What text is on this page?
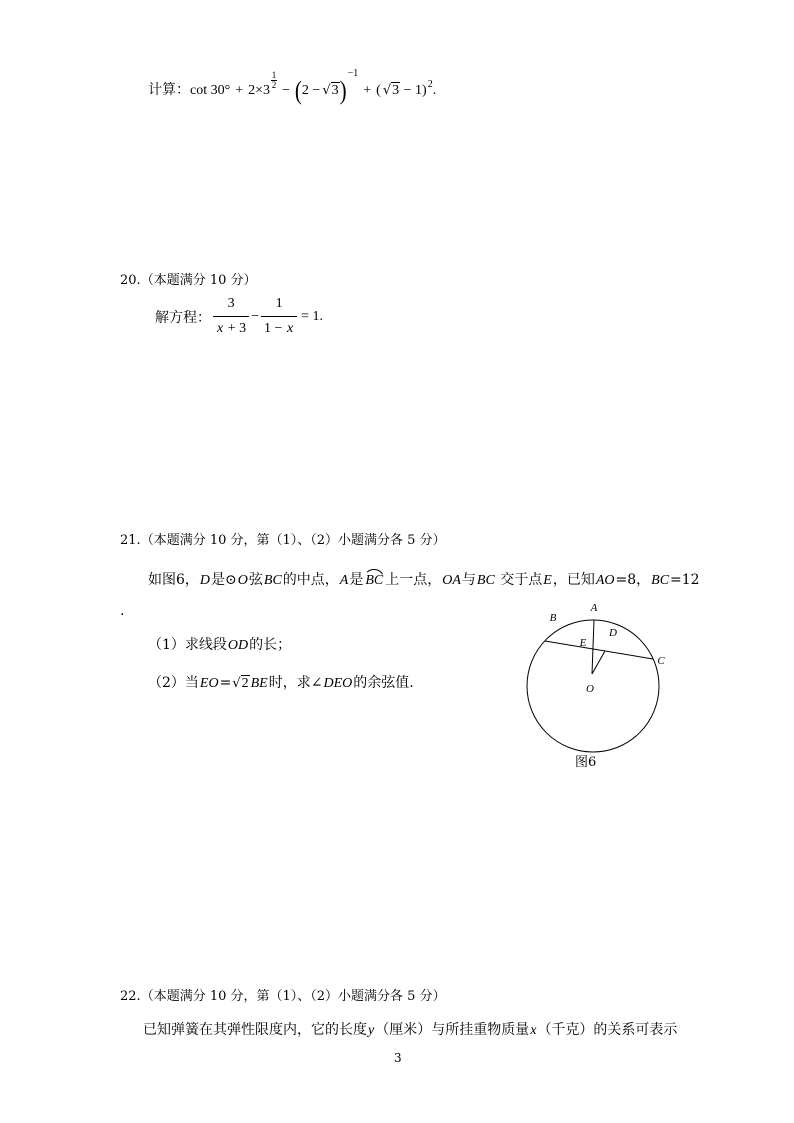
计算：cot 30° + 2×3
$\frac{1}{2}$
− (2 − √3)−1+ ( √3 − 1)2.
20.（本题满分 10 分）
解方程： $\frac{3}{x + 3} - \frac{1}{1 - x} = 1$.
21.（本题满分 10 分，第（1）、（2）小题满分各 5 分）
如图6，D是⊙O弦BC的中点，A是 BC 上一点，OA与BC 交于点E，已知AO=8，BC=12
.
（1）求线段OD的长；
（2）当EO=√2 BE时，求∠DEO的余弦值.
A
B
C
D
E
O
图6
22.（本题满分 10 分，第（1）、（2）小题满分各 5 分）
已知弹簧在其弹性限度内，它的长度y（厘米）与所挂重物质量x（千克）的关系可表示
3
